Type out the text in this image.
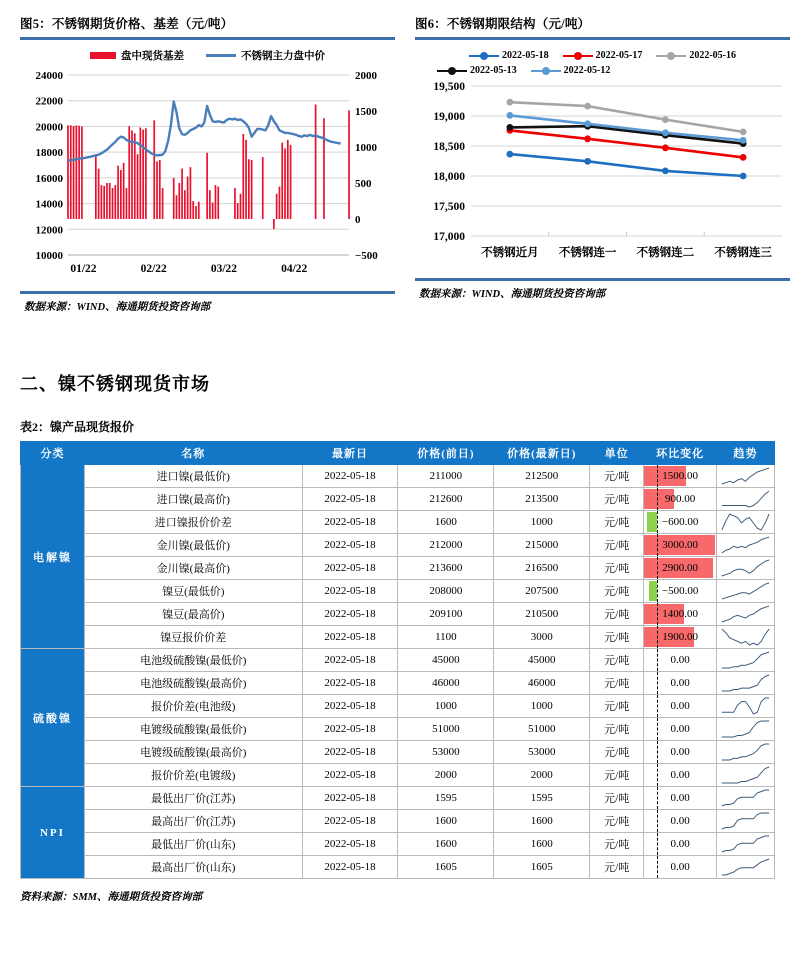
图5：不锈钢期货价格、基差（元/吨）
盘中现货基差	不锈钢主力盘中价
10000
12000
14000
16000
18000
20000
22000
24000
−500
0
500
1000
1500
2000
01/22	02/22	03/22	04/22
数据来源：WIND、海通期货投资咨询部
图6：不锈钢期限结构（元/吨）
2022-05-18	2022-05-17	2022-05-16
2022-05-13	2022-05-12
17,000
17,500
18,000
18,500
19,000
19,500
不锈钢近月 不锈钢连一 不锈钢连二 不锈钢连三
数据来源：WIND、海通期货投资咨询部
二、镍不锈钢现货市场
表2：镍产品现货报价
分类	名称	最新日	价格(前日)	价格(最新日)	单位	环比变化	趋势
电解镍	进口镍(最低价)	2022-05-18	211000	212500	元/吨	1500.00	

	进口镍(最高价)	2022-05-18	212600	213500	元/吨	900.00	

	进口镍报价价差	2022-05-18	1600	1000	元/吨	−600.00	

	金川镍(最低价)	2022-05-18	212000	215000	元/吨	3000.00	

	金川镍(最高价)	2022-05-18	213600	216500	元/吨	2900.00	

	镍豆(最低价)	2022-05-18	208000	207500	元/吨	−500.00	

	镍豆(最高价)	2022-05-18	209100	210500	元/吨	1400.00	

	镍豆报价价差	2022-05-18	1100	3000	元/吨	1900.00	

硫酸镍	电池级硫酸镍(最低价)	2022-05-18	45000	45000	元/吨	0.00	

	电池级硫酸镍(最高价)	2022-05-18	46000	46000	元/吨	0.00	

	报价价差(电池级)	2022-05-18	1000	1000	元/吨	0.00	

	电镀级硫酸镍(最低价)	2022-05-18	51000	51000	元/吨	0.00	

	电镀级硫酸镍(最高价)	2022-05-18	53000	53000	元/吨	0.00	

	报价价差(电镀级)	2022-05-18	2000	2000	元/吨	0.00	

NPI	最低出厂价(江苏)	2022-05-18	1595	1595	元/吨	0.00	

	最高出厂价(江苏)	2022-05-18	1600	1600	元/吨	0.00	

	最低出厂价(山东)	2022-05-18	1600	1600	元/吨	0.00	

	最高出厂价(山东)	2022-05-18	1605	1605	元/吨	0.00	
资料来源：SMM、海通期货投资咨询部
